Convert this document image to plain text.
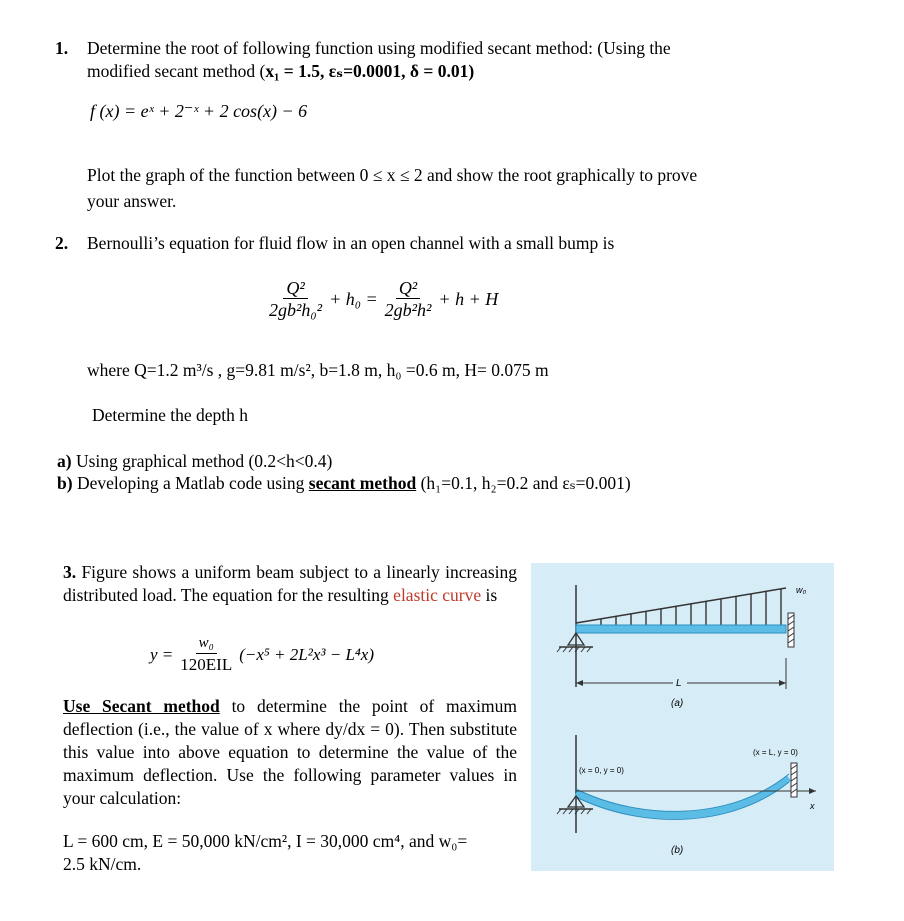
1.	Determine the root of following function using modified secant method: (Using the
modified secant method (x₁ = 1.5, εₛ=0.0001, δ = 0.01)
f (x) = eˣ + 2⁻ˣ + 2 cos(x) − 6
Plot the graph of the function between 0 ≤ x ≤ 2 and show the root graphically to prove
your answer.
2. Bernoulli’s equation for fluid flow in an open channel with a small bump is
$\frac{\text{Q²}}{\text{2gb²h₀²}} + h_0 = \frac{\text{Q²}}{\text{2gb²h²}} + h + H$
where Q=1.2 m³/s , g=9.81 m/s², b=1.8 m, h₀ =0.6 m, H= 0.075 m
Determine the depth h
a) Using graphical method (0.2<h<0.4)
b) Developing a Matlab code using secant method (h₁=0.1, h₂=0.2 and εₛ=0.001)
3. Figure shows a uniform beam subject to a linearly increasing distributed load. The equation for the resulting elastic curve is
$y = \frac{\text{w₀}}{\text{120EIL}} (-x^5 + 2L^2x^3 - L^4x)$
Use Secant method to determine the point of maximum deflection (i.e., the value of x where dy/dx = 0). Then substitute this value into above equation to determine the value of the maximum deflection. Use the following parameter values in your calculation:
L = 600 cm, E = 50,000 kN/cm², I = 30,000 cm⁴, and w₀=
2.5 kN/cm.
w₀
L
(a)
x
(x = 0, y = 0)
(x = L, y = 0)
(b)
